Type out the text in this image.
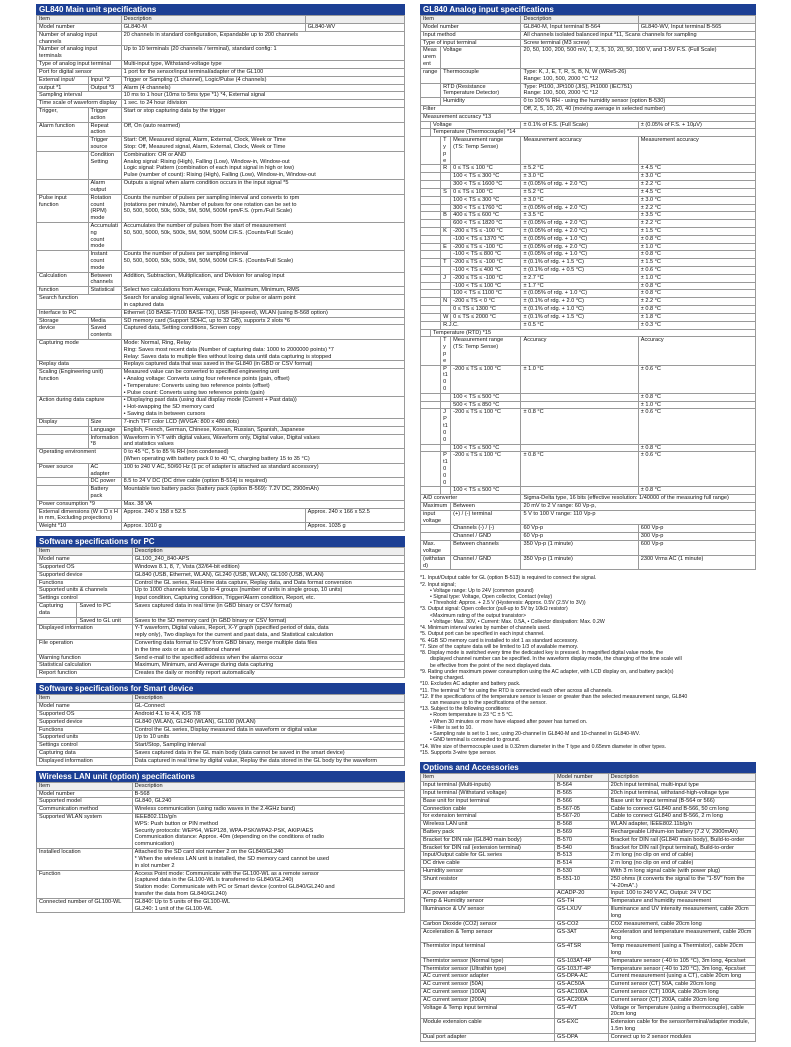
GL840 Main unit specifications
Item		Description	
Model number		GL840-M	GL840-WV
Number of analog input channels		20 channels in standard configuration, Expandable up to 200 channels	
Number of analog input terminals		Up to 10 terminals (20 channels / terminal), standard config: 1	
Type of analog input terminal		Multi-input type, Withstand-voltage type	
Port for digital sensor		1 port for the sensor/input terminal/adapter of the GL100	
External input/	Input *2	Trigger or Sampling (1 channel), Logic/Pulse (4 channels)	
output *1	Output *3	Alarm (4 channels)	
Sampling interval		10 ms to 1 hour (10ms to 5ms type *1) *4, External signal	
Time scale of waveform display		1 sec. to 24 hour /division	
Trigger,	Trigger action	Start or stop capturing data by the trigger	
Alarm function	Repeat action	Off, On (auto rearmed)	
	Trigger source	Start: Off, Measured signal, Alarm, External, Clock, Week or Time
Stop: Off, Measured signal, Alarm, External, Clock, Week or Time	
	Condition Setting	Combination: OR or AND
Analog signal: Rising (High), Falling (Low), Window-in, Window-out
Logic signal: Pattern (combination of each input signal in high or low)
Pulse (number of count): Rising (High), Falling (Low), Window-in, Window-out	
	Alarm output	Outputs a signal when alarm condition occurs in the input signal *5	
Pulse input
function	Rotation count
(RPM) mode	Counts the number of pulses per sampling interval and converts to rpm
(rotations per minute), Number of pulses for one rotation can be set to
50, 500, 5000, 50k, 500k, 5M, 50M, 500M rpm/F.S. (rpm./Full Scale)	
	Accumulating
count mode	Accumulates the number of pulses from the start of measurement
50, 500, 5000, 50k, 500k, 5M, 50M, 500M C/F.S. (Counts/Full Scale)	
	Instant count
mode	Counts the number of pulses per sampling interval
50, 500, 5000, 50k, 500k, 5M, 50M, 500M C/F.S. (Counts/Full Scale)	
Calculation	Between channels	Addition, Subtraction, Multiplication, and Division for analog input	
function	Statistical	Select two calculations from Average, Peak, Maximum, Minimum, RMS	
Search function		Search for analog signal levels, values of logic or pulse or alarm point
in captured data	
Interface to PC		Ethernet (10 BASE-T/100 BASE-TX), USB (Hi-speed), WLAN (using B-568 option)	
Storage	Media	SD memory card (Support SDHC, up to 32 GB), supports 2 slots *6	
device	Saved contents	Captured data, Setting conditions, Screen copy	
Capturing mode		Mode: Normal, Ring, Relay
Ring: Saves most recent data (Number of capturing data: 1000 to 2000000 points) *7
Relay: Saves data to multiple files without losing data until data capturing is stopped	
Replay data		Replays captured data that was saved in the GL840 (in GBD or CSV format)	
Scaling (Engineering unit) function		Measured value can be converted to specified engineering unit
• Analog voltage: Converts using four reference points (gain, offset)
• Temperature: Converts using two reference points (offset)
• Pulse count: Converts using two reference points (gain)	
Action during data capture		• Displaying past data (using dual display mode (Current + Past data))
• Hot-swapping the SD memory card
• Saving data in between cursors	
Display	Size	7-inch TFT color LCD (WVGA: 800 x 480 dots)	
	Language	English, French, German, Chinese, Korean, Russian, Spanish, Japanese	
	Information *8	Waveform in Y-T with digital values, Waveform only, Digital value, Digital values
and statistics values	
Operating environment		0 to 45 °C, 5 to 85 % RH (non condensed)
(When operating with battery pack 0 to 40 °C, charging battery 15 to 35 °C)	
Power source	AC adapter	100 to 240 V AC, 50/60 Hz (1 pc of adapter is attached as standard accessory)	
	DC power	8.5 to 24 V DC (DC drive cable (option B-514) is required)	
	Battery pack	Mountable two battery packs (battery pack (option B-569): 7.2V DC, 2900mAh)	
Power consumption *9		Max. 38 VA	
External dimensions (W x D x H
in mm, Excluding projections)		Approx. 240 x 158 x 52.5	Approx. 240 x 166 x 52.5
Weight *10		Approx. 1010 g	Approx. 1035 g
Software specifications for PC
Item		Description
Model name		GL100_240_840-APS
Supported OS		Windows 8.1, 8, 7, Vista (32/64-bit edition)
Supported device		GL840 (USB, Ethernet, WLAN), GL240 (USB, WLAN), GL100 (USB, WLAN)
Functions		Control the GL series, Real-time data capture, Replay data, and Data format conversion
Supported units & channels		Up to 1000 channels total, Up to 4 groups (number of units in single group, 10 units)
Settings control		Input condition, Capturing condition, Trigger/Alarm condition, Report, etc.
Capturing data	Saved to PC	Saves captured data in real time (in GBD binary or CSV format)
	Saved to GL unit	Saves to the SD memory card (in GBD binary or CSV format)
Displayed information		Y-T waveform, Digital values, Report, X-Y graph (specified period of data, data
reply only), Two displays for the current and past data, and Statistical calculation
File operation		Converting data format to CSV from GBD binary, merge multiple data files
in the time axis or as an additional channel
Warning function		Send e-mail to the specified address when the alarms occur
Statistical calculation		Maximum, Minimum, and Average during data capturing
Report function		Creates the daily or monthly report automatically
Software specifications for Smart device
Item	Description
Model name	GL-Connect
Supported OS	Android 4.1 to 4.4, iOS 7/8
Supported device	GL840 (WLAN), GL240 (WLAN), GL100 (WLAN)
Functions	Control the GL series, Display measured data in waveform or digital value
Supported units	Up to 10 units
Settings control	Start/Stop, Sampling interval
Capturing data	Saves captured data in the GL main body (data cannot be saved in the smart device)
Displayed information	Data captured in real time by digital value, Replay the data stored in the GL body by the waveform
Wireless LAN unit (option) specifications
Item	Description
Model number	B-568
Supported model	GL840, GL240
Communication method	Wireless communication (using radio waves in the 2.4GHz band)
Supported WLAN system	IEEE802.11b/g/n
WPS: Push button or PIN method
Security protocols: WEP64, WEP128, WPA-PSK/WPA2-PSK, AKIP/AES
Communication distance: Approx. 40m (depending on the conditions of radio
communication)
Installed location	Attached to the SD card slot number 2 on the GL840/GL240
* When the wireless LAN unit is installed, the SD memory card cannot be used
in slot number 2
Function	Access Point mode: Communicate with the GL100-WL as a remote sensor
(captured data in the GL100-WL is transferred to GL840/GL240)
Station mode: Communicate with PC or Smart device (control GL840/GL240 and
transfer the data from GL840/GL240)
Connected number of GL100-WL	GL840: Up to 5 units of the GL100-WL
GL240: 1 unit of the GL100-WL
GL840 Analog input specifications
Item				Description	
Model number				GL840-M, Input terminal B-564	GL840-WV, Input terminal B-565
Input method				All channels isolated balanced input *11, Scans channels for sampling	
Type of input terminal				Screw terminal (M3 screw)	
Measurement		Voltage		20, 50, 100, 200, 500 mV, 1, 2, 5, 10, 20, 50, 100 V, and 1-5V F.S. (Full Scale)	
range		Thermocouple		Type: K, J, E, T, R, S, B, N, W (WRe5-26)
Range: 100, 500, 2000 °C *12	
		RTD (Resistance
Temperature Detector)		Type: Pt100, JPt100 (JIS), Pt1000 (IEC751)
Range: 100, 500, 2000 °C *12	
		Humidity		0 to 100 % RH - using the humidity sensor (option B-530)	
Filter				Off, 2, 5, 10, 20, 40 (moving average in selected number)	
Measurement accuracy *13					
	Voltage			± 0.1% of F.S. (Full Scale)	± (0.05% of F.S. + 10μV)
	Temperature (Thermocouple) *14				
		Type	Measurement range
(TS: Temp Sense)	Measurement accuracy	Measurement accuracy
		R	0 ≤ TS ≤ 100 °C	± 5.2 °C	± 4.5 °C
			100 < TS ≤ 300 °C	± 3.0 °C	± 3.0 °C
			300 < TS ≤ 1600 °C	± (0.05% of rdg. + 2.0 °C)	± 2.2 °C
		S	0 ≤ TS ≤ 100 °C	± 5.2 °C	± 4.5 °C
			100 < TS ≤ 300 °C	± 3.0 °C	± 3.0 °C
			300 < TS ≤ 1760 °C	± (0.05% of rdg. + 2.0 °C)	± 2.2 °C
		B	400 ≤ TS ≤ 600 °C	± 3.5 °C	± 3.5 °C
			600 < TS ≤ 1820 °C	± (0.05% of rdg. + 2.0 °C)	± 2.2 °C
		K	-200 ≤ TS ≤ -100 °C	± (0.05% of rdg. + 2.0 °C)	± 1.5 °C
			-100 < TS ≤ 1370 °C	± (0.05% of rdg. + 1.0 °C)	± 0.8 °C
		E	-200 ≤ TS ≤ -100 °C	± (0.05% of rdg. + 2.0 °C)	± 1.0 °C
			-100 < TS ≤ 800 °C	± (0.05% of rdg. + 1.0 °C)	± 0.8 °C
		T	-200 ≤ TS ≤ -100 °C	± (0.1% of rdg. + 1.5 °C)	± 1.5 °C
			-100 < TS ≤ 400 °C	± (0.1% of rdg. + 0.5 °C)	± 0.6 °C
		J	-200 ≤ TS ≤ -100 °C	± 2.7 °C	± 1.0 °C
			-100 < TS ≤ 100 °C	± 1.7 °C	± 0.8 °C
			100 < TS ≤ 1100 °C	± (0.05% of rdg. + 1.0 °C)	± 0.8 °C
		N	-200 ≤ TS < 0 °C	± (0.1% of rdg. + 2.0 °C)	± 2.2 °C
			0 ≤ TS ≤ 1300 °C	± (0.1% of rdg. + 1.0 °C)	± 0.8 °C
		W	0 ≤ TS ≤ 2000 °C	± (0.1% of rdg. + 1.5 °C)	± 1.8 °C
		R.J.C.		± 0.5 °C	± 0.3 °C
	Temperature (RTD) *15				
		Type	Measurement range
(TS: Temp Sense)	Accuracy	Accuracy
		Pt100	-200 ≤ TS ≤ 100 °C	± 1.0 °C	± 0.6 °C
			100 < TS ≤ 500 °C		± 0.8 °C
			500 < TS ≤ 850 °C		± 1.0 °C
		JPt100	-200 ≤ TS ≤ 100 °C	± 0.8 °C	± 0.6 °C
			100 < TS ≤ 500 °C		± 0.8 °C
		Pt1000	-200 ≤ TS ≤ 100 °C	± 0.8 °C	± 0.6 °C
			100 < TS ≤ 500 °C		± 0.8 °C
A/D converter				Sigma-Delta type, 16 bits (effective resolution: 1/40000 of the measuring full range)	
Maximum			Between	20 mV to 2 V range: 60 Vp-p,	
input voltage			(+) / (-) terminal	5 V to 100 V range: 110 Vp-p	
			Channels (-) / (-)	60 Vp-p	600 Vp-p
			Channel / GND	60 Vp-p	300 Vp-p
Max. voltage			Between channels	350 Vp-p (1 minute)	600 Vp-p
(withstand)			Channel / GND	350 Vp-p (1 minute)	2300 Vrms AC (1 minute)
*1. Input/Output cable for GL (option B-513) is required to connect the signal.
*2. Input signal;
• Voltage range: Up to 24V (common ground)
• Signal type: Voltage, Open collector, Contact (relay)
• Threshold: Approx. + 2.5 V (Hysteresis: Approx. 0.5V (2.5V to 3V))
*3. Output signal: Open collector (pull-up to 5V by 10kΩ resistor)
<Maximum rating of the output transistor>
• Voltage: Max. 30V, • Current: Max. 0.5A, • Collector dissipation: Max. 0.2W
*4. Minimum interval varies by number of channels used.
*5. Output port can be specified in each input channel.
*6. 4GB SD memory card is installed to slot 1 as standard accessory.
*7. Size of the capture data will be limited to 1/3 of available memory.
*8. Display mode is switched every time the dedicated key is pressed. In magnified digital value mode, the
displayed channel number can be specified. In the waveform display mode, the changing of the time scale will
be effective from the point of the next displayed data.
*9. Rating under maximum power consumption using the AC adapter, with LCD display on, and battery pack(s)
being charged.
*10. Excludes AC adapter and battery pack.
*11. The terminal "b" for using the RTD is connected each other across all channels.
*12. If the specifications of the temperature sensor is lesser or greater than the selected measurement range, GL840
can measure up to the specifications of the sensor.
*13. Subject to the following conditions:
• Room temperature is 23 °C ± 5 °C.
• When 30 minutes or more have elapsed after power has turned on.
• Filter is set to 10.
• Sampling rate is set to 1 sec, using 20-channel in GL840-M and 10-channel in GL840-WV.
• GND terminal is connected to ground.
*14. Wire size of thermocouple used is 0.32mm diameter in the T type and 0.65mm diameter in other types.
*15. Supports 3-wire type sensor.
Options and Accessories
Item	Model number	Description
Input terminal (Multi-inputs)	B-564	20ch input terminal, multi-input type
Input terminal (Withstand voltage)	B-565	20ch input terminal, withstand-high-voltage type
Base unit for input terminal	B-566	Base unit for input terminal (B-564 or 566)
Connection cable	B-567-05	Cable to connect GL840 and B-566, 50 cm long
for extension terminal	B-567-20	Cable to connect GL840 and B-566, 2 m long
Wireless LAN unit	B-568	WLAN adapter, IEEE802.11b/g/n
Battery pack	B-569	Rechargeable Lithium-ion battery (7.2 V, 2900mAh)
Bracket for DIN rale (GL840 main body)	B-570	Bracket for DIN rail (GL840 main body), Build-to-order
Bracket for DIN rail (extension terminal)	B-540	Bracket for DIN rail (Input terminal), Build-to-order
Input/Output cable for GL series	B-513	2 m long (no clip on end of cable)
DC drive cable	B-514	2 m long (no clip on end of cable)
Humidity sensor	B-530	With 3 m long signal cable (with power plug)
Shunt resistor	B-551-10	250 ohms (it converts the signal to the "1-5V" from the "4-20mA".)
AC power adapter	ACADP-20	Input: 100 to 240 V AC, Output: 24 V DC
Temp & Humidity sensor	GS-TH	Temperature and humidity measurement
Illuminance & UV sensor	GS-LXUV	Illuminance and UV intensity measurement, cable 20cm long
Carbon Dioxide (CO2) sensor	GS-CO2	CO2 measurement, cable 20cm long
Acceleration & Temp sensor	GS-3AT	Acceleration and temperature measurement, cable 20cm long
Thermistor input terminal	GS-4TSR	Temp measurement (using a Thermistor), cable 20cm long
Thermistor sensor (Normal type)	GS-103AT-4P	Temperature sensor (-40 to 105 °C), 3m long, 4pcs/set
Thermistor sensor (Ultrathin type)	GS-103JT-4P	Temperature sensor (-40 to 120 °C), 3m long, 4pcs/set
AC current sensor adapter	GS-DPA-AC	Current measurement (using a CT), cable 20cm long
AC current sensor (50A)	GS-AC50A	Current sensor (CT) 50A, cable 20cm long
AC current sensor (100A)	GS-AC100A	Current sensor (CT) 100A, cable 20cm long
AC current sensor (200A)	GS-AC200A	Current sensor (CT) 200A, cable 20cm long
Voltage & Temp input terminal	GS-4VT	Voltage or Temperature (using a thermocouple), cable 20cm long
Module extension cable	GS-EXC	Extension cable for the sensor/terminal/adapter module, 1.5m long
Dual port adapter	GS-DPA	Connect up to 2 sensor modules
